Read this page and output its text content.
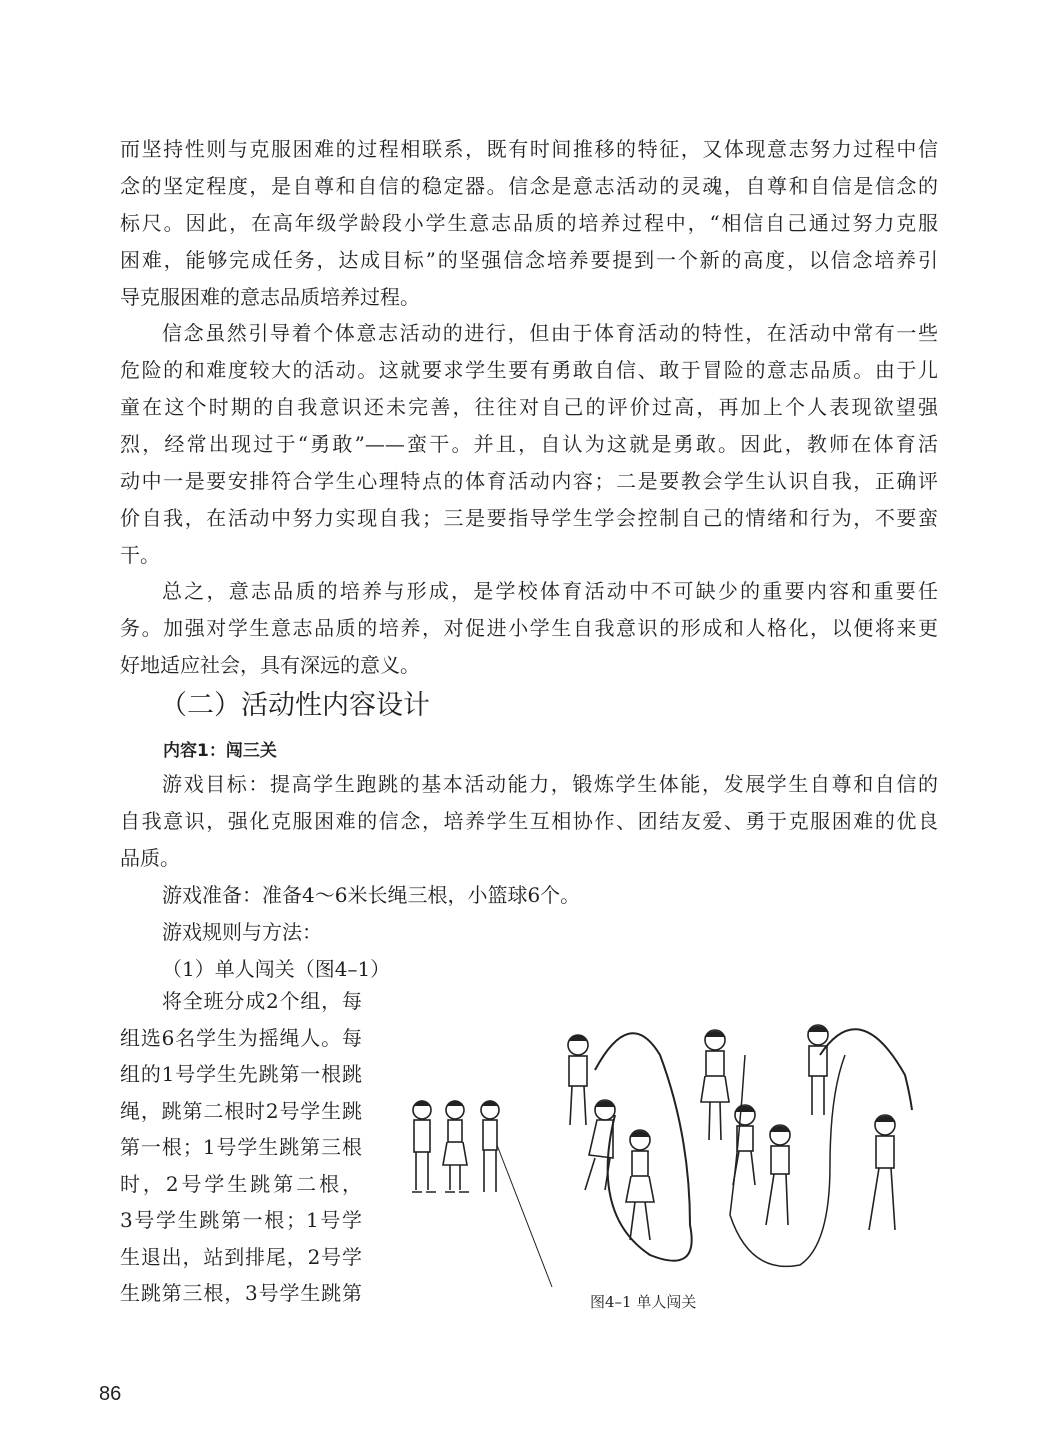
而坚持性则与克服困难的过程相联系，既有时间推移的特征，又体现意志努力过程中信
念的坚定程度，是自尊和自信的稳定器。信念是意志活动的灵魂，自尊和自信是信念的
标尺。因此，在高年级学龄段小学生意志品质的培养过程中，“相信自己通过努力克服
困难，能够完成任务，达成目标”的坚强信念培养要提到一个新的高度，以信念培养引
导克服困难的意志品质培养过程。
信念虽然引导着个体意志活动的进行，但由于体育活动的特性，在活动中常有一些
危险的和难度较大的活动。这就要求学生要有勇敢自信、敢于冒险的意志品质。由于儿
童在这个时期的自我意识还未完善，往往对自己的评价过高，再加上个人表现欲望强
烈，经常出现过于“勇敢”——蛮干。并且，自认为这就是勇敢。因此，教师在体育活
动中一是要安排符合学生心理特点的体育活动内容；二是要教会学生认识自我，正确评
价自我，在活动中努力实现自我；三是要指导学生学会控制自己的情绪和行为，不要蛮
干。
总之，意志品质的培养与形成，是学校体育活动中不可缺少的重要内容和重要任
务。加强对学生意志品质的培养，对促进小学生自我意识的形成和人格化，以便将来更
好地适应社会，具有深远的意义。
（二）活动性内容设计
内容1：闯三关
游戏目标：提高学生跑跳的基本活动能力，锻炼学生体能，发展学生自尊和自信的
自我意识，强化克服困难的信念，培养学生互相协作、团结友爱、勇于克服困难的优良
品质。
游戏准备：准备4～6米长绳三根，小篮球6个。
游戏规则与方法：
（1）单人闯关（图4–1）
将全班分成2个组，每
组选6名学生为摇绳人。每
组的1号学生先跳第一根跳
绳，跳第二根时2号学生跳
第一根；1号学生跳第三根
时，2号学生跳第二根，
3号学生跳第一根；1号学
生退出，站到排尾，2号学
生跳第三根，3号学生跳第	图4–1 单人闯关
86
